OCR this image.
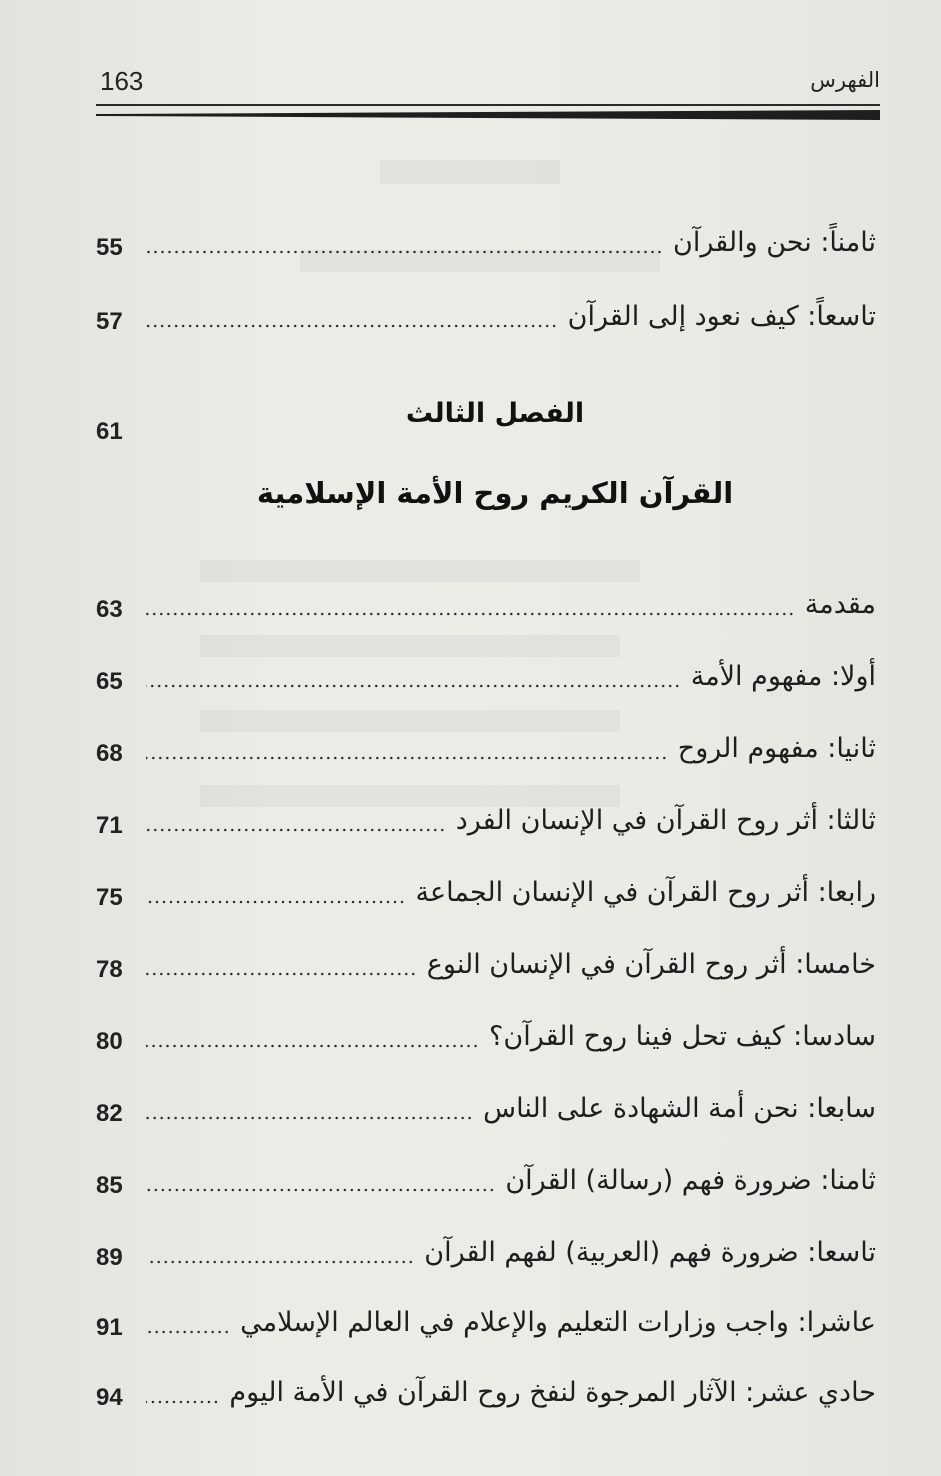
163	الفهرس
ثامناً: نحن والقرآن
55
تاسعاً: كيف نعود إلى القرآن
57
61
الفصل الثالث
القرآن الكريم روح الأمة الإسلامية
مقدمة
63
أولا: مفهوم الأمة
65
ثانيا: مفهوم الروح
68
ثالثا: أثر روح القرآن في الإنسان الفرد
71
رابعا: أثر روح القرآن في الإنسان الجماعة
75
خامسا: أثر روح القرآن في الإنسان النوع
78
سادسا: كيف تحل فينا روح القرآن؟
80
سابعا: نحن أمة الشهادة على الناس
82
ثامنا: ضرورة فهم (رسالة) القرآن
85
تاسعا: ضرورة فهم (العربية) لفهم القرآن
89
عاشرا: واجب وزارات التعليم والإعلام في العالم الإسلامي
91
حادي عشر: الآثار المرجوة لنفخ روح القرآن في الأمة اليوم
94
